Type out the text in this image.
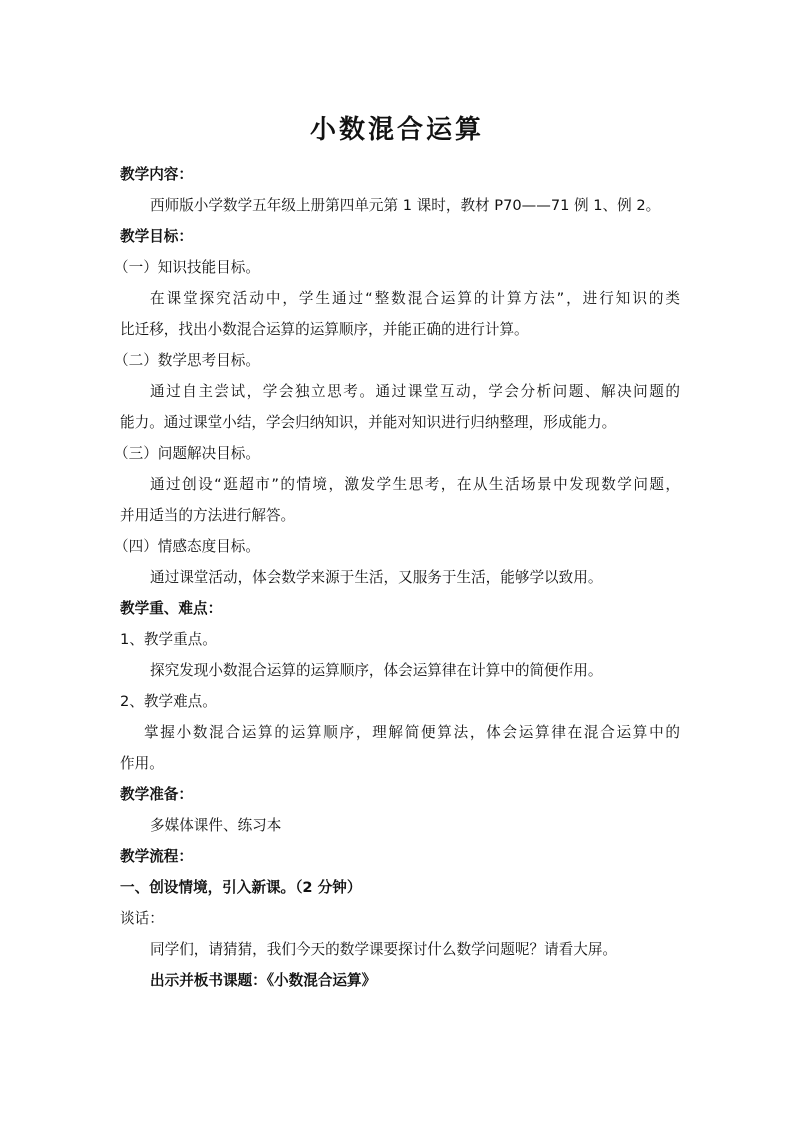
小数混合运算
教学内容：
西师版小学数学五年级上册第四单元第 1 课时，教材 P70——71 例 1、例 2。
教学目标：
（一）知识技能目标。
在课堂探究活动中，学生通过“整数混合运算的计算方法”，进行知识的类
比迁移，找出小数混合运算的运算顺序，并能正确的进行计算。
（二）数学思考目标。
通过自主尝试，学会独立思考。通过课堂互动，学会分析问题、解决问题的
能力。通过课堂小结，学会归纳知识，并能对知识进行归纳整理，形成能力。
（三）问题解决目标。
通过创设“逛超市”的情境，激发学生思考，在从生活场景中发现数学问题，
并用适当的方法进行解答。
（四）情感态度目标。
通过课堂活动，体会数学来源于生活，又服务于生活，能够学以致用。
教学重、难点：
1、教学重点。
探究发现小数混合运算的运算顺序，体会运算律在计算中的简便作用。
2、教学难点。
掌握小数混合运算的运算顺序，理解简便算法，体会运算律在混合运算中的
作用。
教学准备：
多媒体课件、练习本
教学流程：
一、创设情境，引入新课。（2 分钟）
谈话：
同学们，请猜猜，我们今天的数学课要探讨什么数学问题呢？请看大屏。
出示并板书课题：《小数混合运算》
